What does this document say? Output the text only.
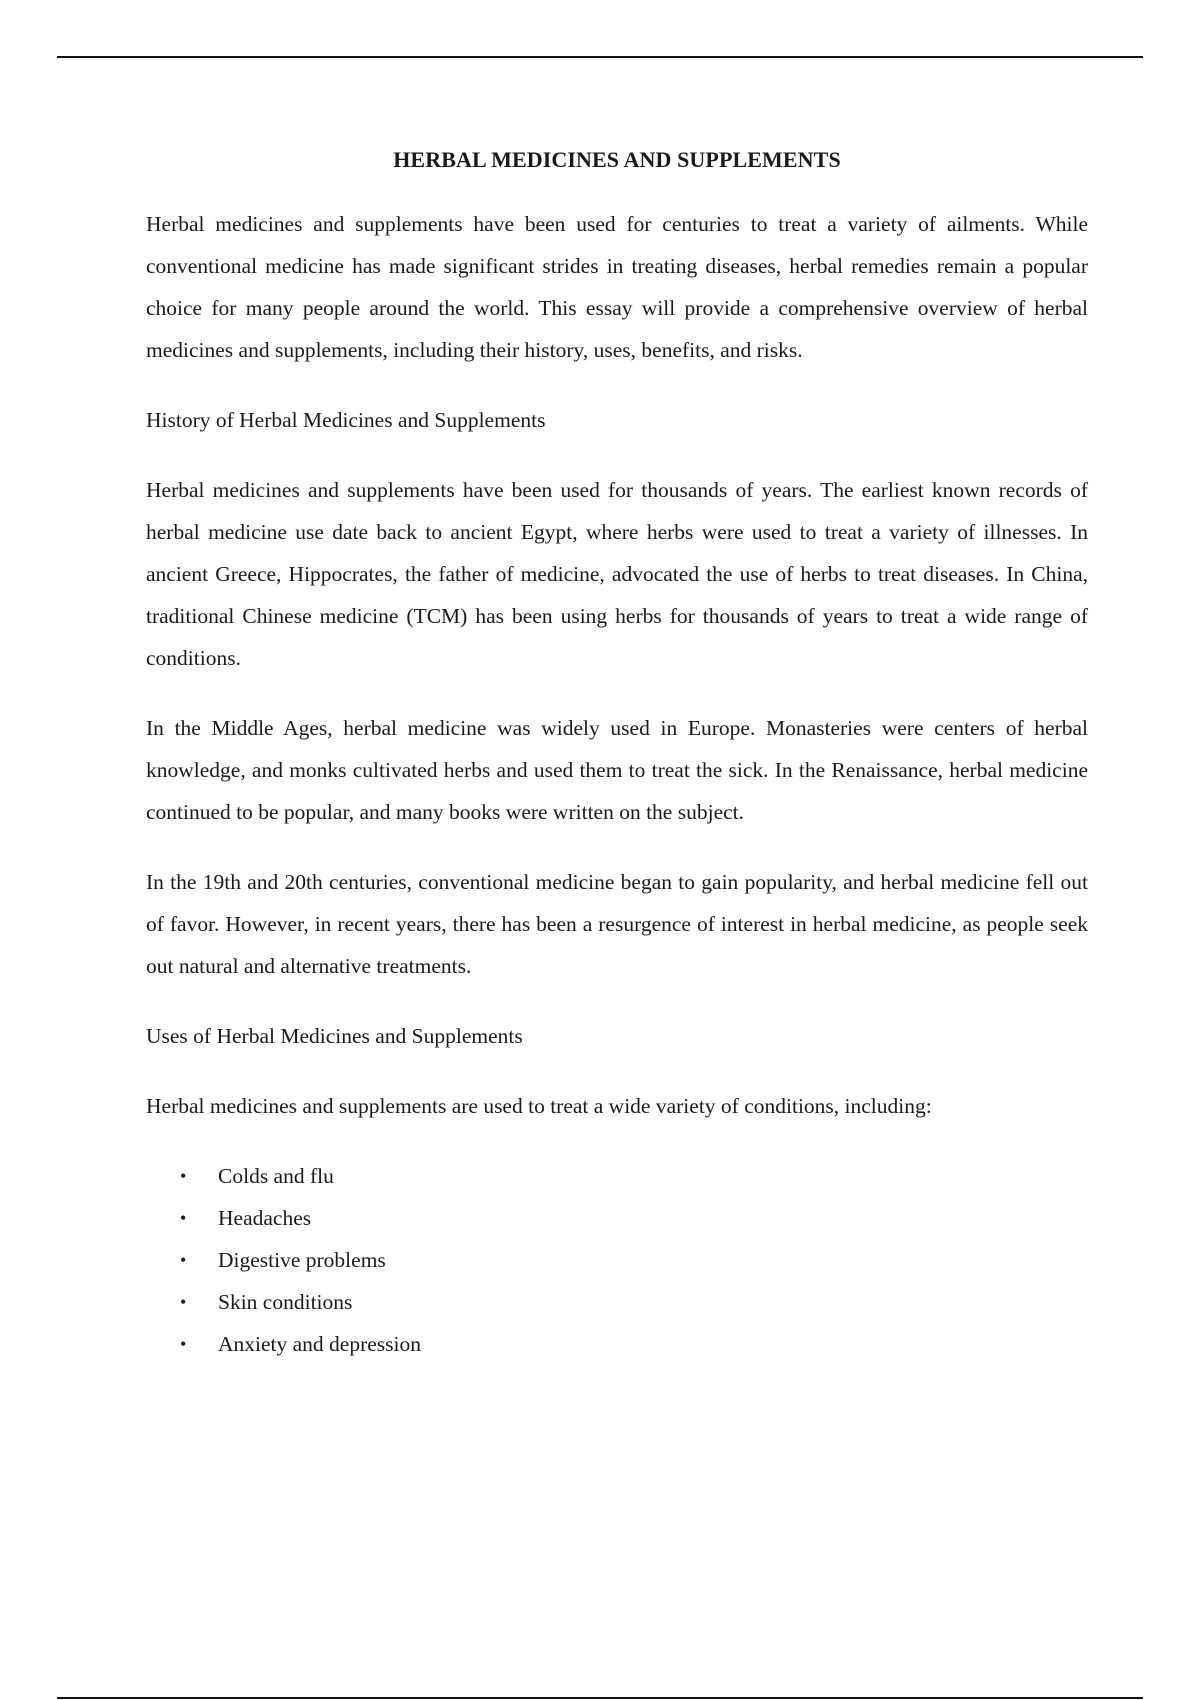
HERBAL MEDICINES AND SUPPLEMENTS

Herbal medicines and supplements have been used for centuries to treat a variety of ailments. While conventional medicine has made significant strides in treating diseases, herbal remedies remain a popular choice for many people around the world. This essay will provide a comprehensive overview of herbal medicines and supplements, including their history, uses, benefits, and risks.

History of Herbal Medicines and Supplements

Herbal medicines and supplements have been used for thousands of years. The earliest known records of herbal medicine use date back to ancient Egypt, where herbs were used to treat a variety of illnesses. In ancient Greece, Hippocrates, the father of medicine, advocated the use of herbs to treat diseases. In China, traditional Chinese medicine (TCM) has been using herbs for thousands of years to treat a wide range of conditions.

In the Middle Ages, herbal medicine was widely used in Europe. Monasteries were centers of herbal knowledge, and monks cultivated herbs and used them to treat the sick. In the Renaissance, herbal medicine continued to be popular, and many books were written on the subject.

In the 19th and 20th centuries, conventional medicine began to gain popularity, and herbal medicine fell out of favor. However, in recent years, there has been a resurgence of interest in herbal medicine, as people seek out natural and alternative treatments.

Uses of Herbal Medicines and Supplements

Herbal medicines and supplements are used to treat a wide variety of conditions, including:

• Colds and flu
• Headaches
• Digestive problems
• Skin conditions
• Anxiety and depression
